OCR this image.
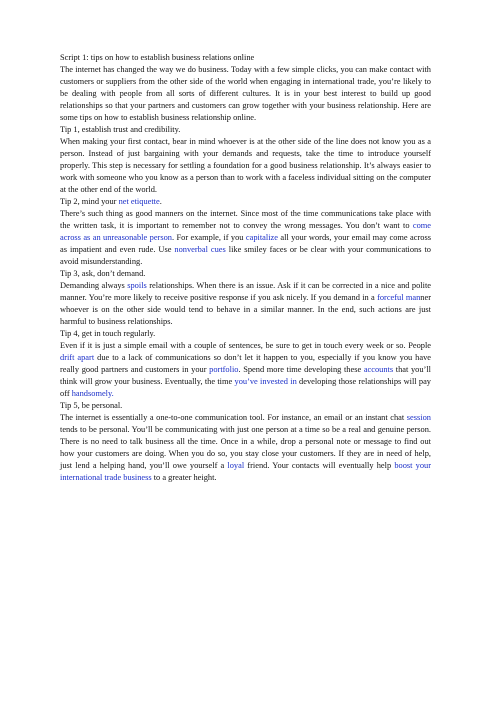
Script 1: tips on how to establish business relations online

The internet has changed the way we do business. Today with a few simple clicks, you can make contact with customers or suppliers from the other side of the world when engaging in international trade, you’re likely to be dealing with people from all sorts of different cultures. It is in your best interest to build up good relationships so that your partners and customers can grow together with your business relationship. Here are some tips on how to establish business relationship online.

Tip 1, establish trust and credibility.

When making your first contact, bear in mind whoever is at the other side of the line does not know you as a person. Instead of just bargaining with your demands and requests, take the time to introduce yourself properly. This step is necessary for settling a foundation for a good business relationship. It’s always easier to work with someone who you know as a person than to work with a faceless individual sitting on the computer at the other end of the world.

Tip 2, mind your net etiquette.

There’s such thing as good manners on the internet. Since most of the time communications take place with the written task, it is important to remember not to convey the wrong messages. You don’t want to come across as an unreasonable person. For example, if you capitalize all your words, your email may come across as impatient and even rude. Use nonverbal cues like smiley faces or be clear with your communications to avoid misunderstanding.

Tip 3, ask, don’t demand.

Demanding always spoils relationships. When there is an issue. Ask if it can be corrected in a nice and polite manner. You’re more likely to receive positive response if you ask nicely. If you demand in a forceful manner whoever is on the other side would tend to behave in a similar manner. In the end, such actions are just harmful to business relationships.

Tip 4, get in touch regularly.

Even if it is just a simple email with a couple of sentences, be sure to get in touch every week or so. People drift apart due to a lack of communications so don’t let it happen to you, especially if you know you have really good partners and customers in your portfolio. Spend more time developing these accounts that you’ll think will grow your business. Eventually, the time you’ve invested in developing those relationships will pay off handsomely.

Tip 5, be personal.

The internet is essentially a one-to-one communication tool. For instance, an email or an instant chat session tends to be personal. You’ll be communicating with just one person at a time so be a real and genuine person. There is no need to talk business all the time. Once in a while, drop a personal note or message to find out how your customers are doing. When you do so, you stay close your customers. If they are in need of help, just lend a helping hand, you’ll owe yourself a loyal friend. Your contacts will eventually help boost your international trade business to a greater height.
